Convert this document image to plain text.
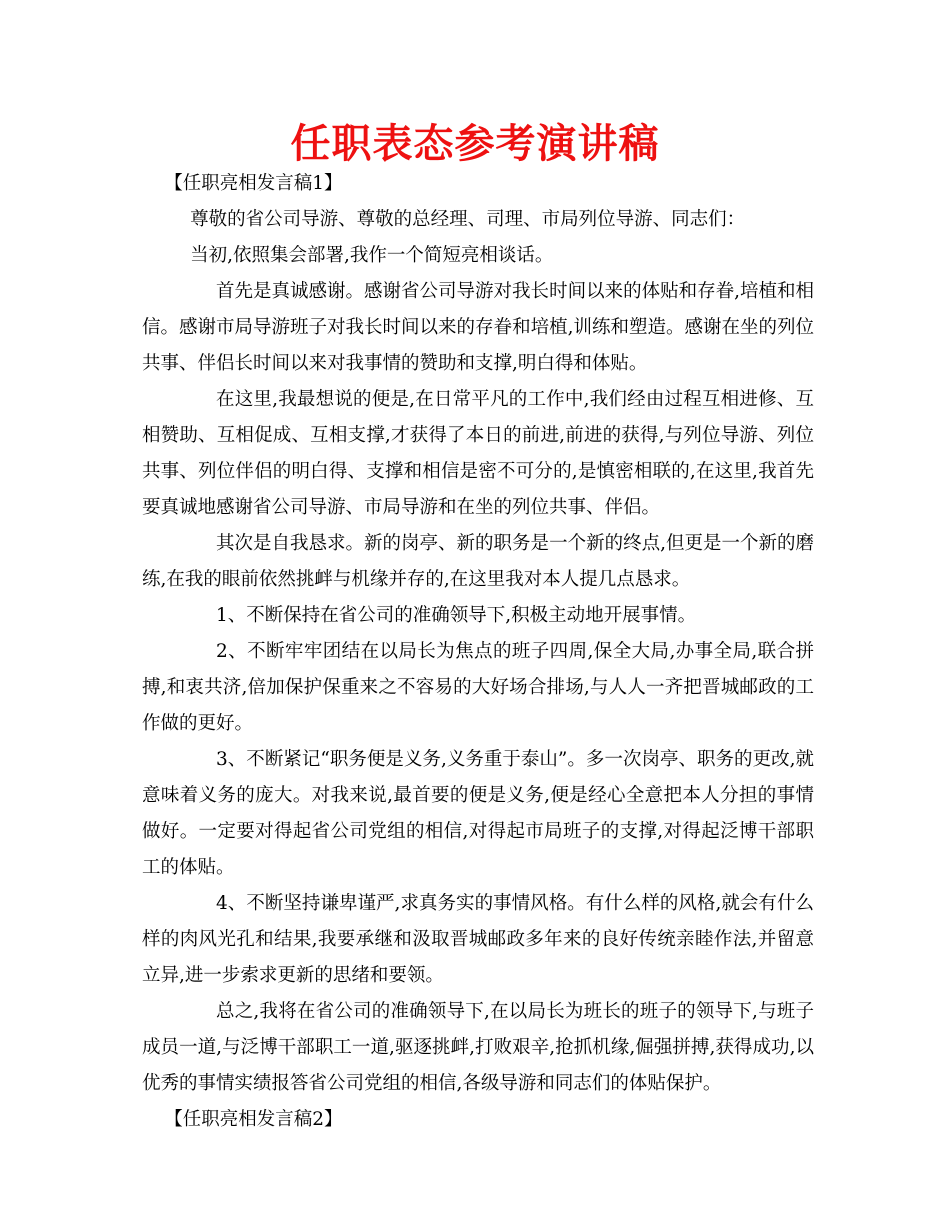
任职表态参考演讲稿

【任职亮相发言稿1】

尊敬的省公司导游、尊敬的总经理、司理、市局列位导游、同志们：

当初,依照集会部署,我作一个简短亮相谈话。

首先是真诚感谢。感谢省公司导游对我长时间以来的体贴和存眷,培植和相信。感谢市局导游班子对我长时间以来的存眷和培植,训练和塑造。感谢在坐的列位共事、伴侣长时间以来对我事情的赞助和支撑,明白得和体贴。

在这里,我最想说的便是,在日常平凡的工作中,我们经由过程互相进修、互相赞助、互相促成、互相支撑,才获得了本日的前进,前进的获得,与列位导游、列位共事、列位伴侣的明白得、支撑和相信是密不可分的,是慎密相联的,在这里,我首先要真诚地感谢省公司导游、市局导游和在坐的列位共事、伴侣。

其次是自我恳求。新的岗亭、新的职务是一个新的终点,但更是一个新的磨练,在我的眼前依然挑衅与机缘并存的,在这里我对本人提几点恳求。

1、不断保持在省公司的准确领导下,积极主动地开展事情。

2、不断牢牢团结在以局长为焦点的班子四周,保全大局,办事全局,联合拼搏,和衷共济,倍加保护保重来之不容易的大好场合排场,与人人一齐把晋城邮政的工作做的更好。

3、不断紧记“职务便是义务,义务重于泰山”。多一次岗亭、职务的更改,就意味着义务的庞大。对我来说,最首要的便是义务,便是经心全意把本人分担的事情做好。一定要对得起省公司党组的相信,对得起市局班子的支撑,对得起泛博干部职工的体贴。

4、不断坚持谦卑谨严,求真务实的事情风格。有什么样的风格,就会有什么样的肉风光孔和结果,我要承继和汲取晋城邮政多年来的良好传统亲睦作法,并留意立异,进一步索求更新的思绪和要领。

总之,我将在省公司的准确领导下,在以局长为班长的班子的领导下,与班子成员一道,与泛博干部职工一道,驱逐挑衅,打败艰辛,抢抓机缘,倔强拼搏,获得成功,以优秀的事情实绩报答省公司党组的相信,各级导游和同志们的体贴保护。

【任职亮相发言稿2】
